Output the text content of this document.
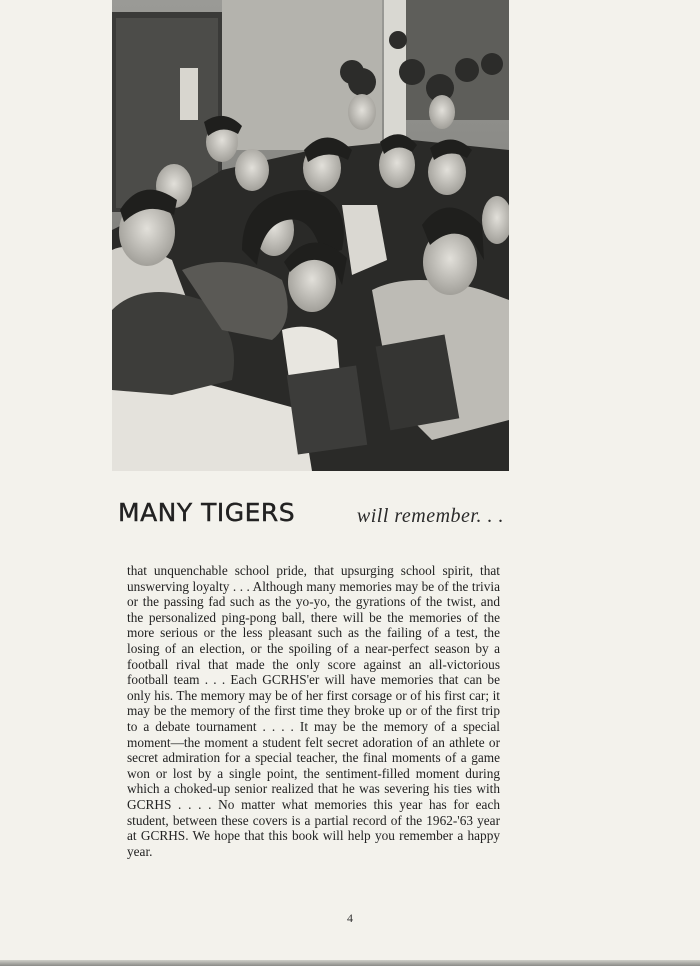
MANY TIGERS	will remember. . .
that unquenchable school pride, that upsurging school spirit, that unswerving loyalty . . . Although many memories may be of the trivia or the passing fad such as the yo-yo, the gyrations of the twist, and the personalized ping-pong ball, there will be the memories of the more serious or the less pleasant such as the failing of a test, the losing of an election, or the spoiling of a near-perfect season by a football rival that made the only score against an all-victorious football team . . . Each GCRHS'er will have memories that can be only his. The memory may be of her first corsage or of his first car; it may be the memory of the first time they broke up or of the first trip to a debate tournament . . . . It may be the memory of a special moment—the moment a student felt secret adoration of an athlete or secret admiration for a special teacher, the final moments of a game won or lost by a single point, the sentiment-filled moment during which a choked-up senior realized that he was severing his ties with GCRHS . . . . No matter what memories this year has for each student, between these covers is a partial record of the 1962-'63 year at GCRHS. We hope that this book will help you remember a happy year.
4
